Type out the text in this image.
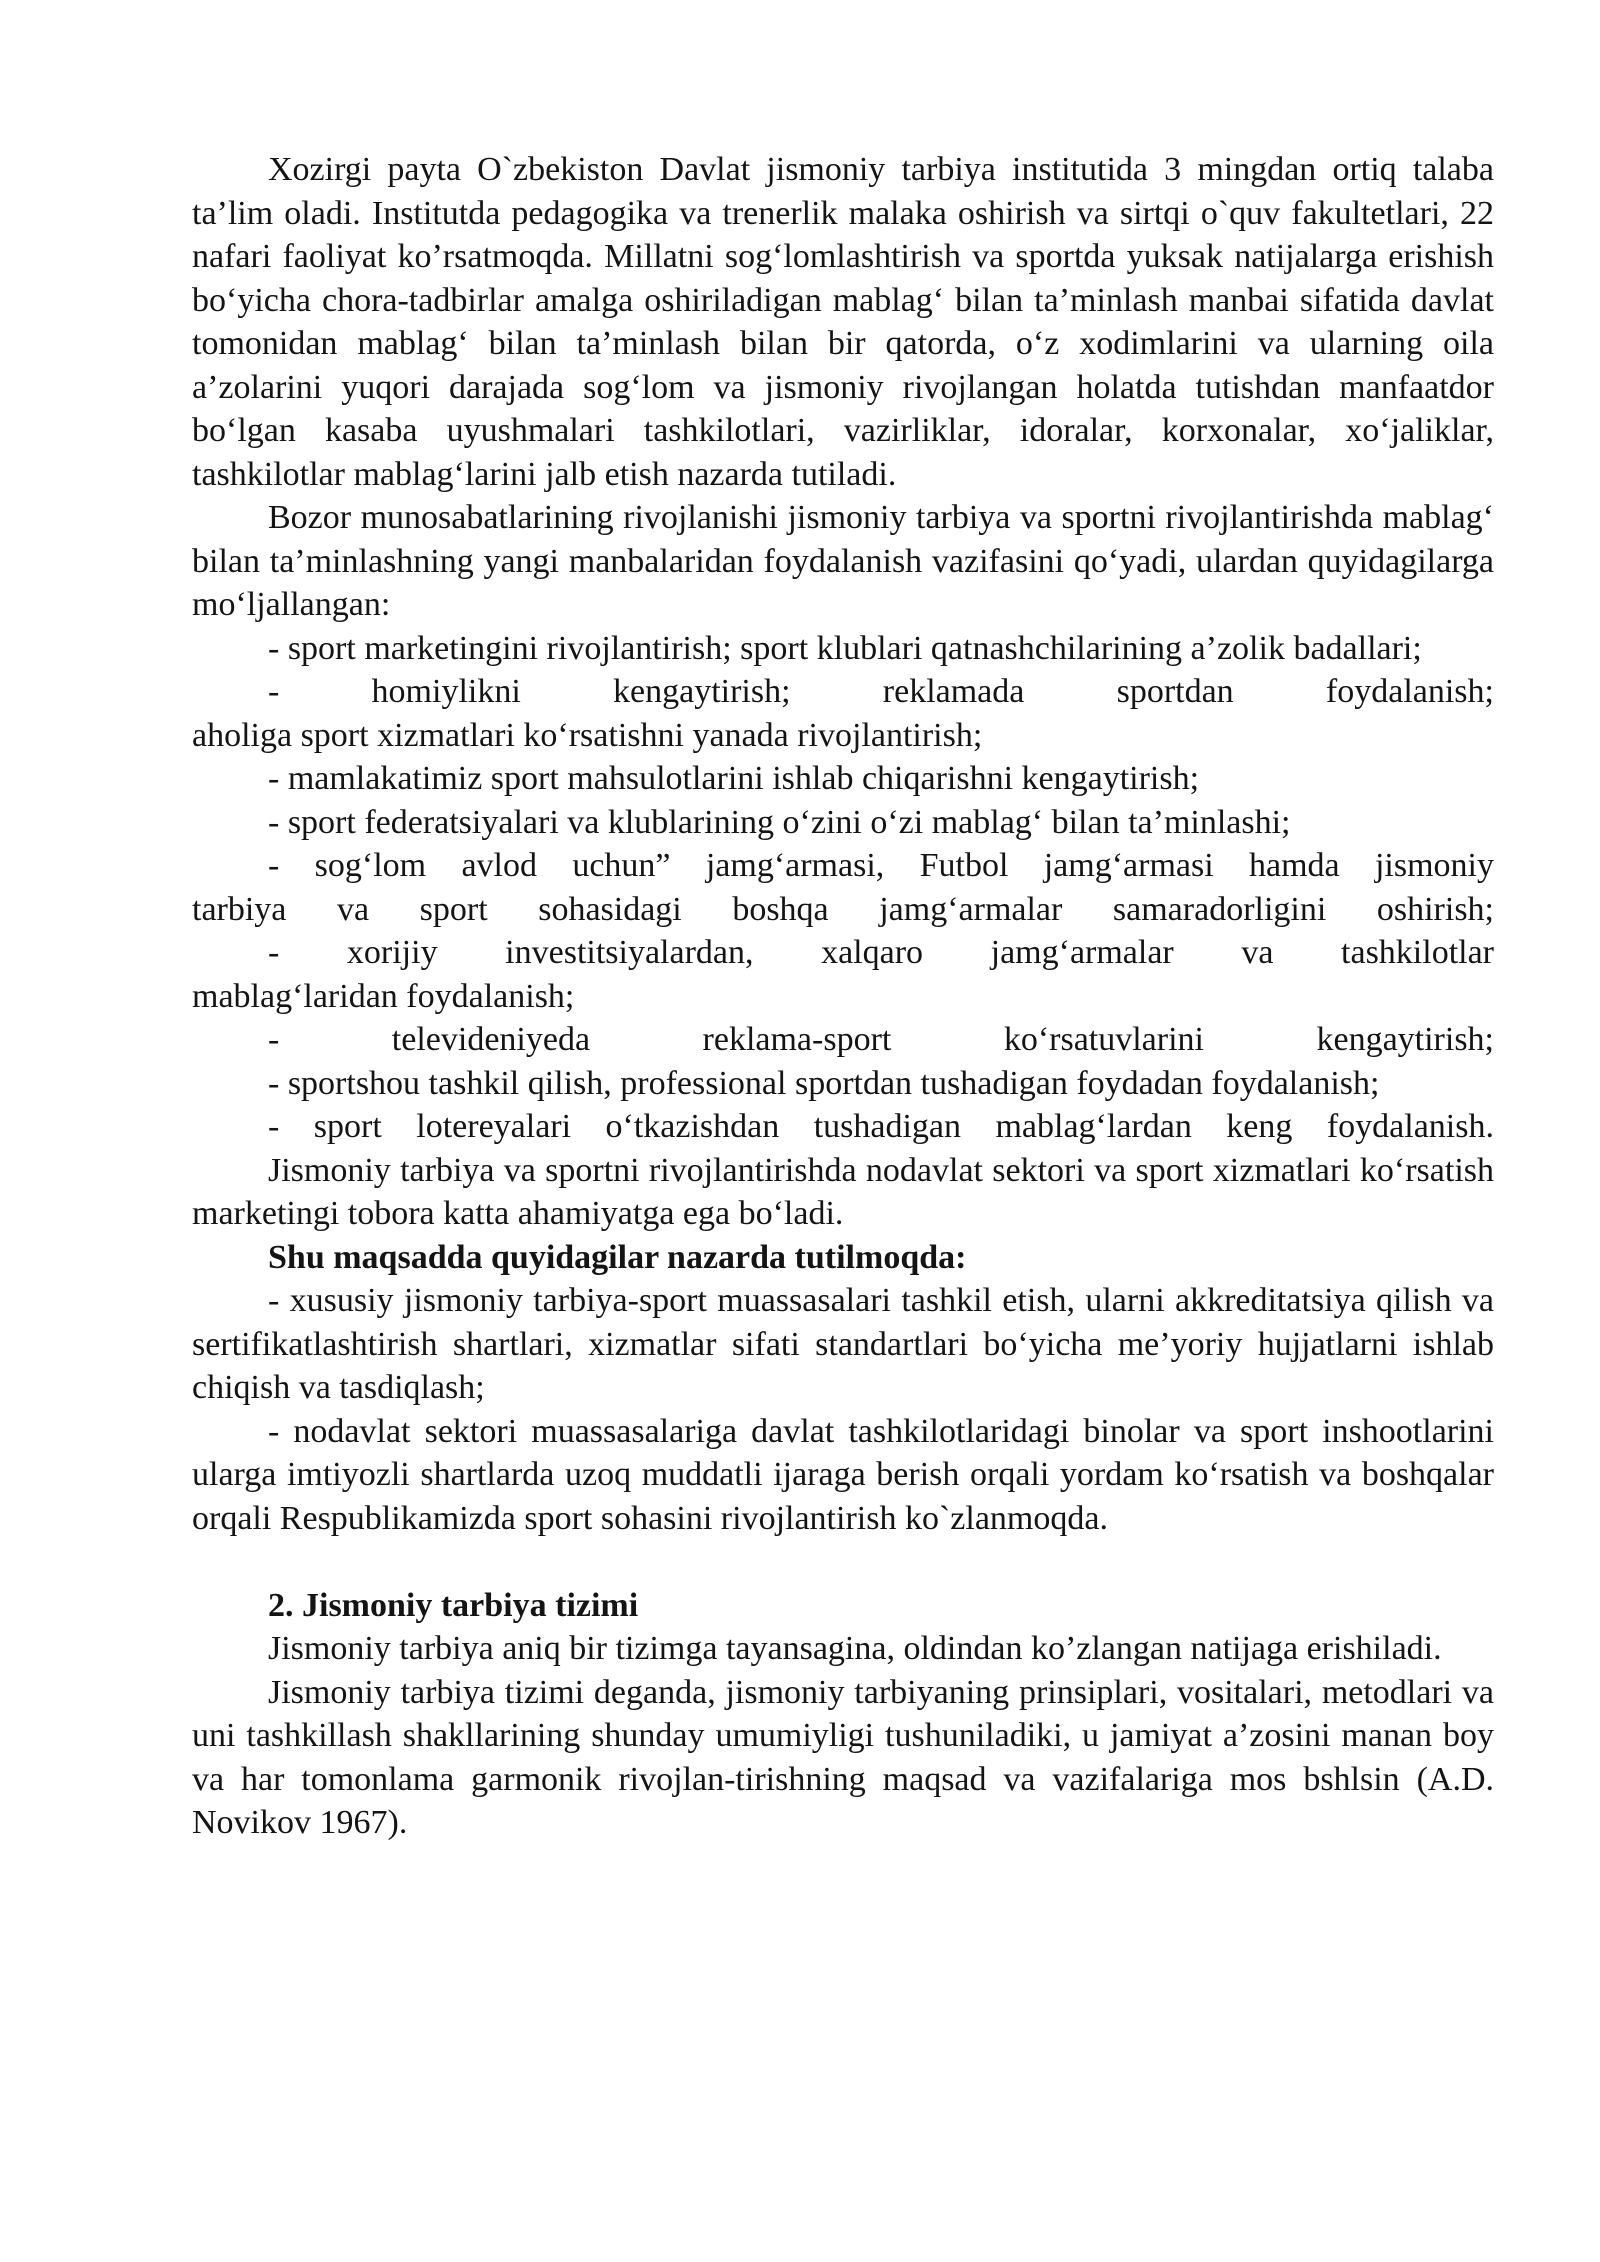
Xozirgi payta O`zbekiston Davlat jismoniy tarbiya institutida 3 mingdan ortiq talaba ta’lim oladi. Institutda pedagogika va trenerlik malaka oshirish va sirtqi o`quv fakultetlari, 22 nafari faoliyat ko’rsatmoqda. Millatni sog‘lomlashtirish va sportda yuksak natijalarga erishish bo‘yicha chora-tadbirlar amalga oshiriladigan mablag‘ bilan ta’minlash manbai sifatida davlat tomonidan mablag‘ bilan ta’minlash bilan bir qatorda, o‘z xodimlarini va ularning oila a’zolarini yuqori darajada sog‘lom va jismoniy rivojlangan holatda tutishdan manfaatdor bo‘lgan kasaba uyushmalari tashkilotlari, vazirliklar, idoralar, korxonalar, xo‘jaliklar, tashkilotlar mablag‘larini jalb etish nazarda tutiladi.

Bozor munosabatlarining rivojlanishi jismoniy tarbiya va sportni rivojlantirishda mablag‘ bilan ta’minlashning yangi manbalaridan foydalanish vazifasini qo‘yadi, ulardan quyidagilarga mo‘ljallangan:

- sport marketingini rivojlantirish; sport klublari qatnashchilarining a’zolik badallari;

- homiylikni kengaytirish; reklamada sportdan foydalanish;

aholiga sport xizmatlari ko‘rsatishni yanada rivojlantirish;

- mamlakatimiz sport mahsulotlarini ishlab chiqarishni kengaytirish;

- sport federatsiyalari va klublarining o‘zini o‘zi mablag‘ bilan ta’minlashi;

- sog‘lom avlod uchun” jamg‘armasi, Futbol jamg‘armasi hamda jismoniy

tarbiya va sport sohasidagi boshqa jamg‘armalar samaradorligini oshirish;

- xorijiy investitsiyalardan, xalqaro jamg‘armalar va tashkilotlar

mablag‘laridan foydalanish;

- televideniyeda reklama-sport ko‘rsatuvlarini kengaytirish;

- sportshou tashkil qilish, professional sportdan tushadigan foydadan foydalanish;

- sport lotereyalari o‘tkazishdan tushadigan mablag‘lardan keng foydalanish.

Jismoniy tarbiya va sportni rivojlantirishda nodavlat sektori va sport xizmatlari ko‘rsatish marketingi tobora katta ahamiyatga ega bo‘ladi.

Shu maqsadda quyidagilar nazarda tutilmoqda:

- xususiy jismoniy tarbiya-sport muassasalari tashkil etish, ularni akkreditatsiya qilish va sertifikatlashtirish shartlari, xizmatlar sifati standartlari bo‘yicha me’yoriy hujjatlarni ishlab chiqish va tasdiqlash;

- nodavlat sektori muassasalariga davlat tashkilotlaridagi binolar va sport inshootlarini ularga imtiyozli shartlarda uzoq muddatli ijaraga berish orqali yordam ko‘rsatish va boshqalar orqali Respublikamizda sport sohasini rivojlantirish ko`zlanmoqda.

2. Jismoniy tarbiya tizimi

Jismoniy tarbiya aniq bir tizimga tayansagina, oldindan ko’zlangan natijaga erishiladi.

Jismoniy tarbiya tizimi deganda, jismoniy tarbiyaning prinsiplari, vositalari, metodlari va uni tashkillash shakllarining shunday umumiyligi tushuniladiki, u jamiyat a’zosini manan boy va har tomonlama garmonik rivojlan-tirishning maqsad va vazifalariga mos bshlsin (A.D. Novikov 1967).
